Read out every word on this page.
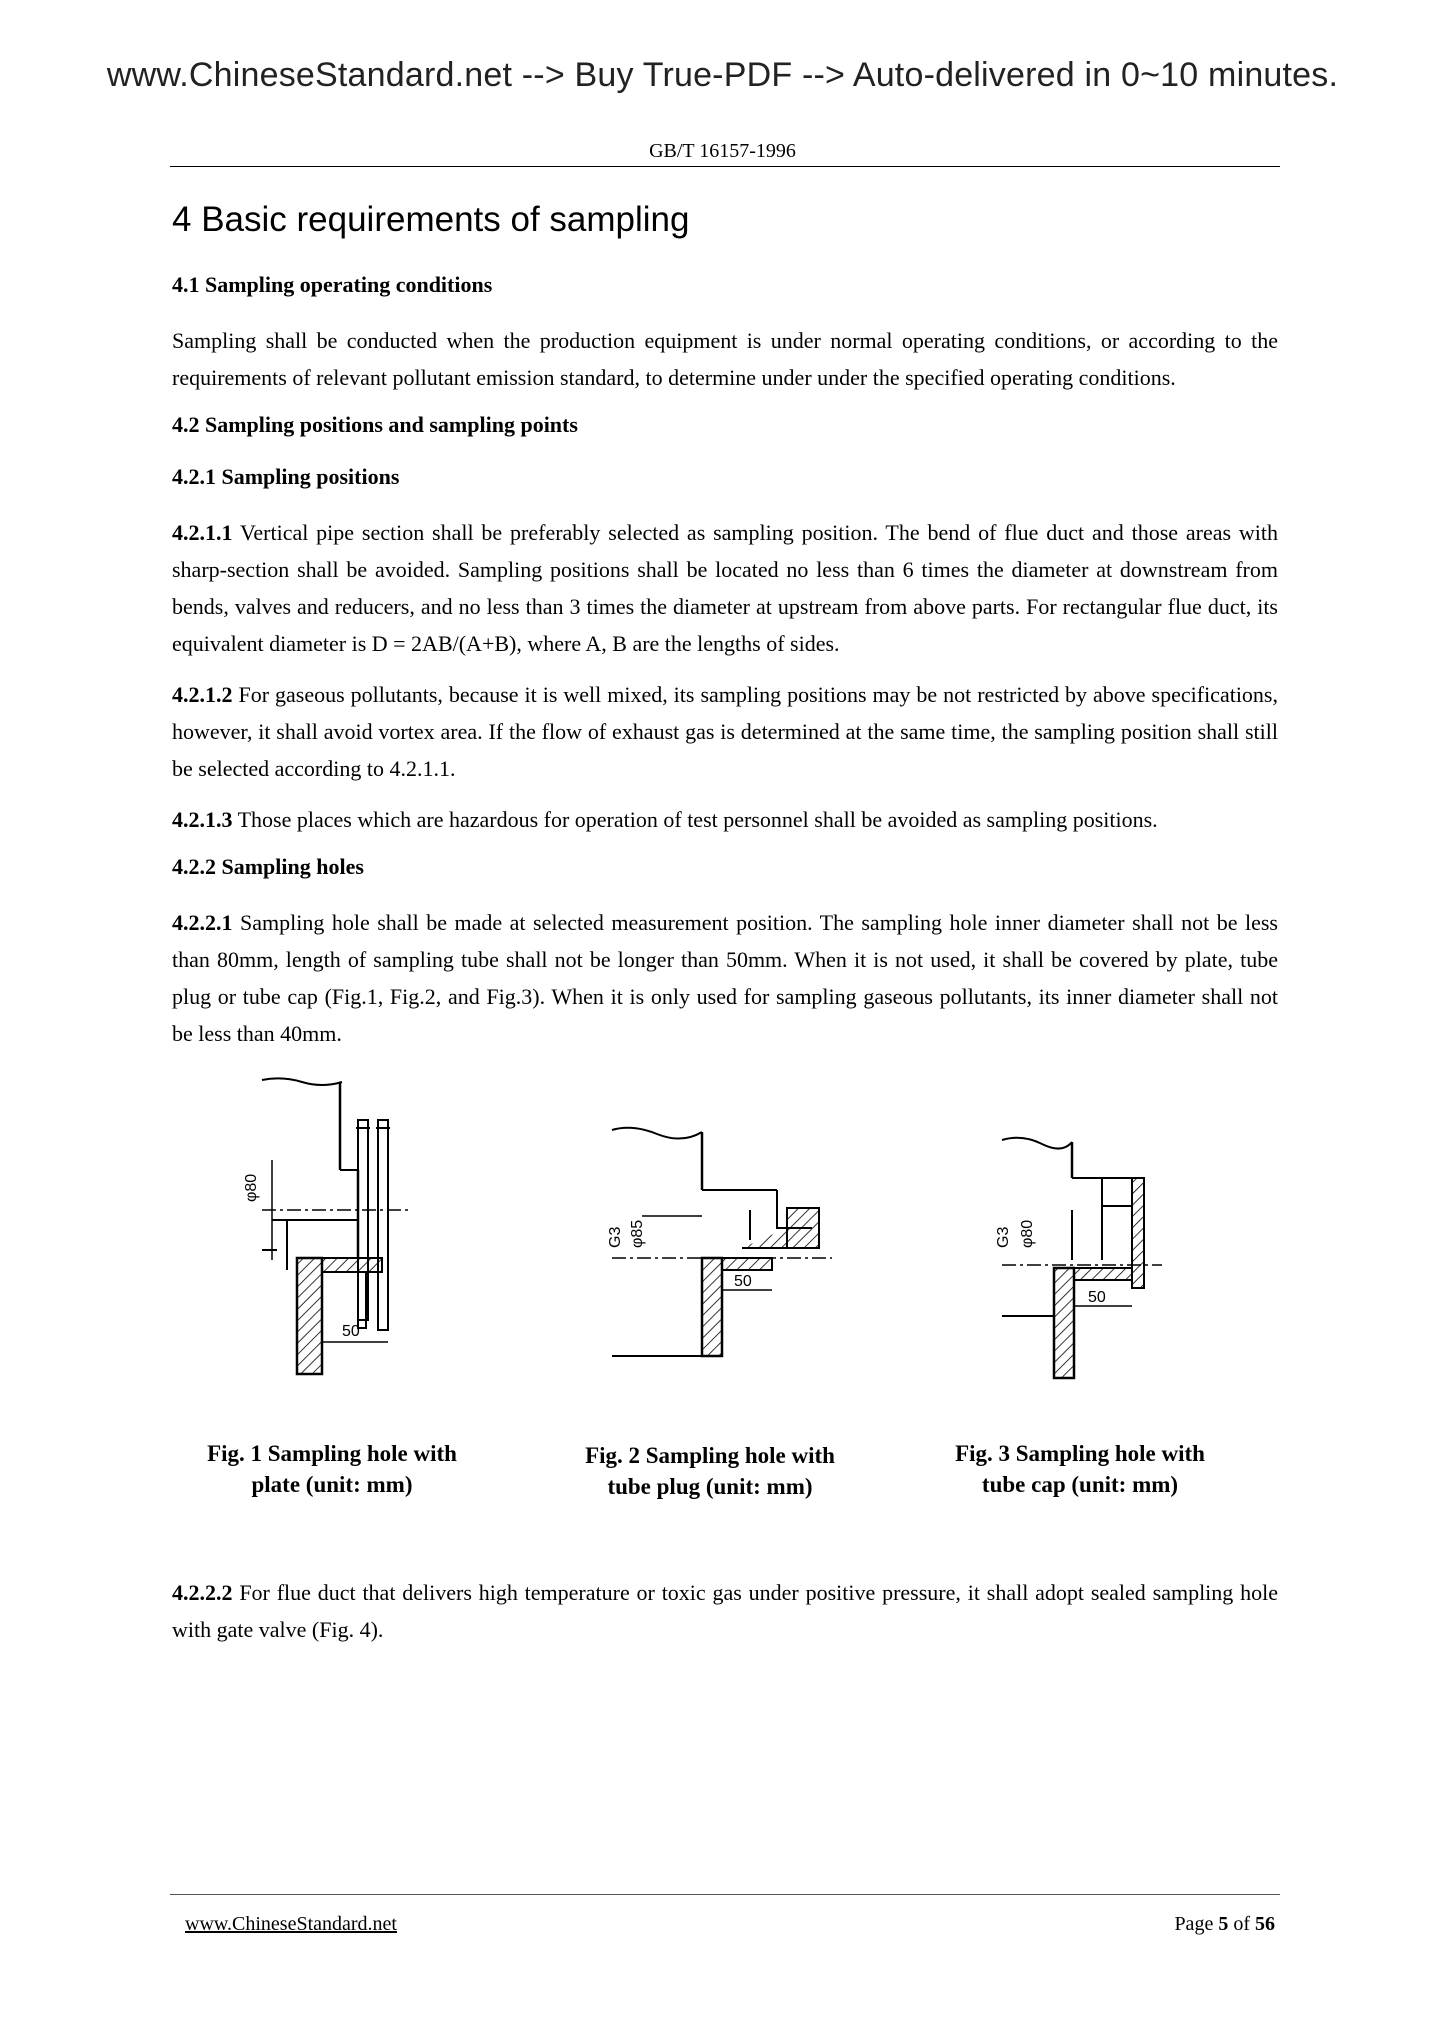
www.ChineseStandard.net --> Buy True-PDF --> Auto-delivered in 0~10 minutes.
GB/T 16157-1996
4 Basic requirements of sampling
4.1 Sampling operating conditions

Sampling shall be conducted when the production equipment is under normal operating conditions, or according to the requirements of relevant pollutant emission standard, to determine under under the specified operating conditions.

4.2 Sampling positions and sampling points
4.2.1 Sampling positions

4.2.1.1 Vertical pipe section shall be preferably selected as sampling position. The bend of flue duct and those areas with sharp-section shall be avoided. Sampling positions shall be located no less than 6 times the diameter at downstream from bends, valves and reducers, and no less than 3 times the diameter at upstream from above parts. For rectangular flue duct, its equivalent diameter is D = 2AB/(A+B), where A, B are the lengths of sides.

4.2.1.2 For gaseous pollutants, because it is well mixed, its sampling positions may be not restricted by above specifications, however, it shall avoid vortex area. If the flow of exhaust gas is determined at the same time, the sampling position shall still be selected according to 4.2.1.1.

4.2.1.3 Those places which are hazardous for operation of test personnel shall be avoided as sampling positions.

4.2.2 Sampling holes

4.2.2.1 Sampling hole shall be made at selected measurement position. The sampling hole inner diameter shall not be less than 80mm, length of sampling tube shall not be longer than 50mm. When it is not used, it shall be covered by plate, tube plug or tube cap (Fig.1, Fig.2, and Fig.3). When it is only used for sampling gaseous pollutants, its inner diameter shall not be less than 40mm.

φ80
50
Fig. 1 Sampling hole with
plate (unit: mm)
G3 φ85
50
Fig. 2 Sampling hole with
tube plug (unit: mm)
G3 φ80
50
Fig. 3 Sampling hole with
tube cap (unit: mm)

4.2.2.2 For flue duct that delivers high temperature or toxic gas under positive pressure, it shall adopt sealed sampling hole with gate valve (Fig. 4).

www.ChineseStandard.net	Page 5 of 56
